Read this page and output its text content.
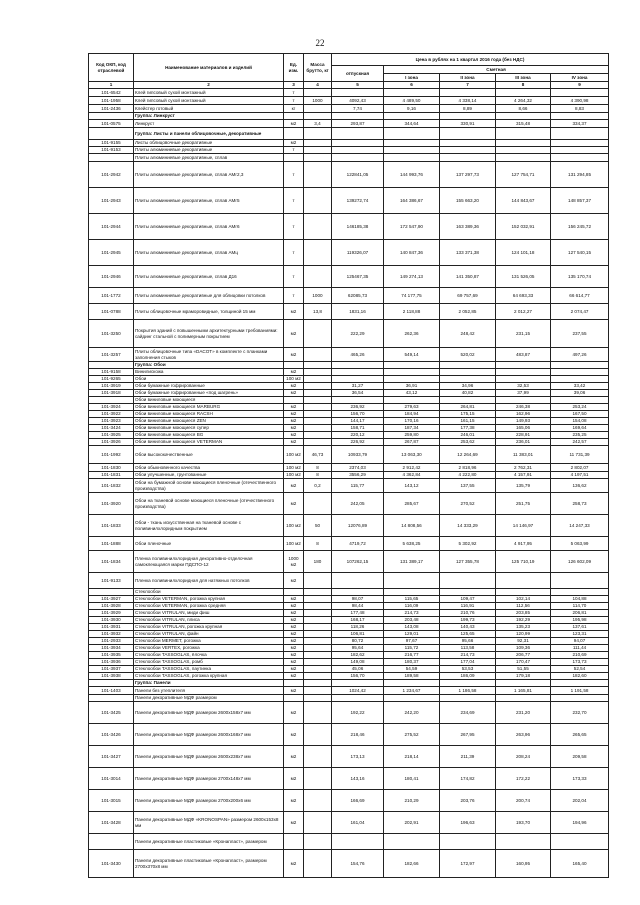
22
Код ОКП, код отраслевой	Наименование материалов и изделий	Ед. изм.	Масса брутто, кг	Цена в рублях на 1 квартал 2016 года (без НДС)				
				отпускная	Сметная			
					I зона	II зона	III зона	IV зона
1	2	3	4	5	6	7	8	9
101-6542	Клей гипсовый сухой монтажный	т						
101-1958	Клей гипсовый сухой монтажный	т	1000	4092,43	4 489,50	4 338,14	4 264,32	4 390,98
101-2436	Клейстер готовый	кг		7,74	9,16	8,89	8,66	8,83
	Группа: Линкруст							
101-0575	Линкруст	м2	3,4	293,87	344,64	330,91	315,48	334,37
	Группа: Листы и панели облицовочные, декоративные							
101-9155	Листы облицовочные декоративные	м2						
101-9153	Плиты алюминиевые декоративные	т						
	Плиты алюминиевые декоративные, сплав							
101-2942	Плиты алюминиевые декоративные, сплав АМг2,3	т		122841,05	144 993,76	137 297,73	127 754,71	131 294,85
101-2943	Плиты алюминиевые декоративные, сплав АМг5	т		139272,74	164 386,67	155 663,20	144 843,67	148 857,37
101-2944	Плиты алюминиевые декоративные, сплав АМг6	т		146185,38	172 547,90	163 389,36	152 032,91	156 245,72
101-2945	Плиты алюминиевые декоративные, сплав АМц	т		119326,07	140 847,36	133 371,38	124 101,18	127 540,15
101-2946	Плиты алюминиевые декоративные, сплав Д16	т		125467,35	149 274,13	141 350,87	131 526,05	135 170,74
101-1772	Плиты алюминиевые декоративные для облицовки потолков	т	1000	62085,73	74 177,75	69 757,69	64 693,33	66 614,77
101-0788	Плиты облицовочные мраморовидные, толщиной 15 мм	м2	13,8	1831,16	2 118,88	2 052,85	2 012,27	2 074,47
101-3250	Покрытия зданий с повышенными архитектурными требованиями: сайдинг стальной с полимерным покрытием	м2		222,29	262,36	248,42	231,15	237,55
101-3257	Плиты облицовочные типа «DACOT» в комплекте с планками заполнения стыков	м2		465,26	549,14	520,02	483,87	497,26
	Группа: Обои							
101-9158	Винилискожа	м2						
101-9265	Обои	100 м2						
101-3919	Обои бумажные гофрированные	м2		31,27	36,91	34,96	32,53	33,42
101-3918	Обои бумажные гофрированные «под шагрень»	м2		36,54	43,12	40,82	37,99	39,06
	Обои виниловые моющиеся							
101-3924	Обои виниловые моющиеся MARBURG	м2		236,92	279,63	264,81	246,38	253,24
101-3922	Обои виниловые моющиеся RACSH	м2		156,70	184,94	175,15	162,96	167,50
101-3923	Обои виниловые моющиеся ZEN	м2		144,17	170,16	161,15	149,93	154,08
101-3424	Обои виниловые моющиеся супер	м2		158,71	187,34	177,38	165,06	169,64
101-3925	Обои виниловые моющиеся BG	м2		220,12	259,80	246,01	228,91	235,25
101-3926	Обои виниловые моющиеся VETERMAN	м2		226,92	267,87	253,62	236,01	242,57
101-1992	Обои высококачественные	100 м2	46,73	10933,79	13 063,30	12 264,69	11 383,01	11 731,39
101-1830	Обои обыкновенного качества	100 м2	8	2374,03	2 912,42	2 818,96	2 762,31	2 802,07
101-1831	Обои улучшенные, грунтованные	100 м2	8	3556,29	4 362,84	4 222,80	4 157,91	4 197,51
101-1832	Обои на бумажной основе моющиеся пленочные (отечественного производства)	м2	0,2	115,77	143,12	137,55	135,79	136,62
101-3920	Обои на тканевой основе моющиеся пленочные (отечественного производства)	м2		242,05	285,67	270,52	251,75	258,73
101-1833	Обои - ткань искусственная на тканевой основе с поливинилхлоридным покрытием	100 м2	50	12076,89	14 808,56	14 333,29	14 146,97	14 247,33
101-1888	Обои пленочные	100 м2	8	4719,72	5 638,25	5 302,92	4 917,95	5 063,99
101-1834	Пленка поливинилхлоридная декоративно-отделочная самоклеющаяся марки ПДСПО-12	1000 м2	180	107262,15	131 389,17	127 355,78	125 710,19	126 602,09
101-9133	Пленка поливинилхлоридная для натяжных потолков	м2						
	Стеклообои							
101-3927	Стеклообои VETERMAN, рогожка крупная	м2		98,07	115,65	109,47	102,14	104,88
101-3928	Стеклообои VETERMAN, рогожка средняя	м2		98,44	116,09	116,91	112,56	114,70
101-3929	Стеклообои VITRULAN, миди фиш	м2		177,48	214,73	210,76	203,85	206,81
101-3930	Стеклообои VITRULAN, плиса	м2		168,17	203,48	199,73	192,29	195,98
101-3931	Стеклообои VITRULAN, рогожка крупная	м2		118,26	143,08	140,43	135,23	137,61
101-3932	Стеклообои VITRULAN, файн	м2		106,81	129,01	125,65	120,99	123,31
101-2933	Стеклообои MERMET, рогожка	м2		80,72	97,67	95,66	92,31	94,07
101-3934	Стеклообои VERTEX, рогожка	м2		95,64	115,72	113,58	109,36	111,44
101-3935	Стеклообои TASSOGLAS, ёлочка	м2		182,62	216,77	214,73	206,77	210,69
101-3936	Стеклообои TASSOGLAS, ромб	м2		149,08	180,37	177,04	170,47	173,73
101-3937	Стеклообои TASSOGLAS, паутинка	м2		45,06	54,59	53,53	51,55	52,54
101-3938	Стеклообои TASSOGLAS, рогожка крупная	м2		156,70	189,58	186,09	179,18	182,60
	Группа: Панели							
101-1403	Панели без утеплителя	м2		1024,42	1 234,67	1 186,58	1 165,81	1 191,58
	Панели декоративные МДФ размером							
101-3425	Панели декоративные МДФ размером 2600х158х7 мм	м2		192,22	242,20	234,69	231,20	232,70
101-3426	Панели декоративные МДФ размером 2600х168х7 мм	м2		218,46	275,52	267,95	263,96	265,65
101-3427	Панели декоративные МДФ размером 2600х238х7 мм	м2		173,13	218,14	211,39	208,24	209,58
101-3014	Панели декоративные МДФ размером 2700х148х7 мм	м2		143,16	180,41	174,82	172,22	173,33
101-3015	Панели декоративные МДФ размером 2700х200х6 мм	м2		166,69	210,29	203,76	200,74	202,04
101-3428	Панели декоративные МДФ «KRONOSPAN» размером 2600х153х8 мм	м2		161,04	202,91	196,63	193,70	194,96
	Панели декоративные пластиковые «Кронапласт», размером							
101-3430	Панели декоративные пластиковые «Кронапласт», размером 2700х370х8 мм	м2		154,76	182,66	172,97	160,95	165,40
